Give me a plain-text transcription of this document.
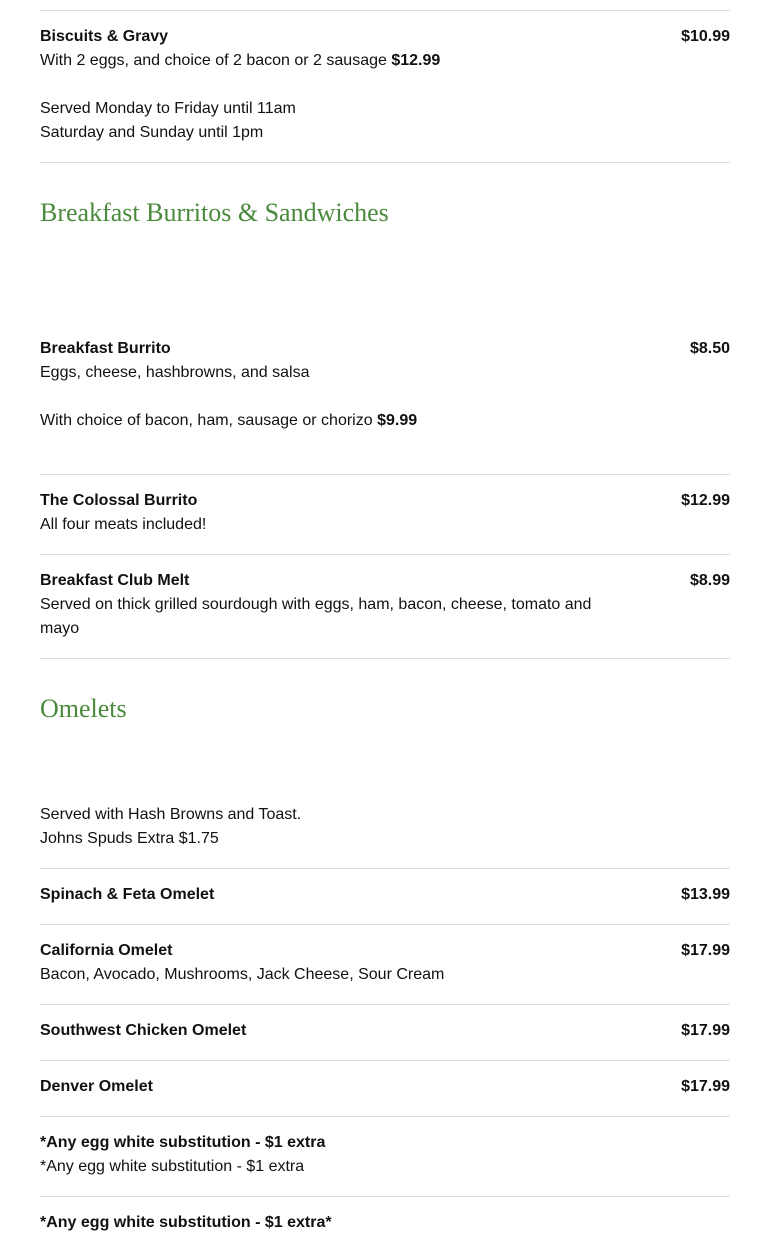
Biscuits & Gravy	$10.99
With 2 eggs, and choice of 2 bacon or 2 sausage $12.99
Served Monday to Friday until 11am
Saturday and Sunday until 1pm
Breakfast Burritos & Sandwiches
Breakfast Burrito	$8.50
Eggs, cheese, hashbrowns, and salsa
With choice of bacon, ham, sausage or chorizo $9.99
The Colossal Burrito	$12.99
All four meats included!
Breakfast Club Melt	$8.99
Served on thick grilled sourdough with eggs, ham, bacon, cheese, tomato and mayo
Omelets
Served with Hash Browns and Toast.
Johns Spuds Extra $1.75
Spinach & Feta Omelet	$13.99
California Omelet	$17.99
Bacon, Avocado, Mushrooms, Jack Cheese, Sour Cream
Southwest Chicken Omelet	$17.99
Denver Omelet	$17.99
*Any egg white substitution - $1 extra
*Any egg white substitution - $1 extra
*Any egg white substitution - $1 extra*
